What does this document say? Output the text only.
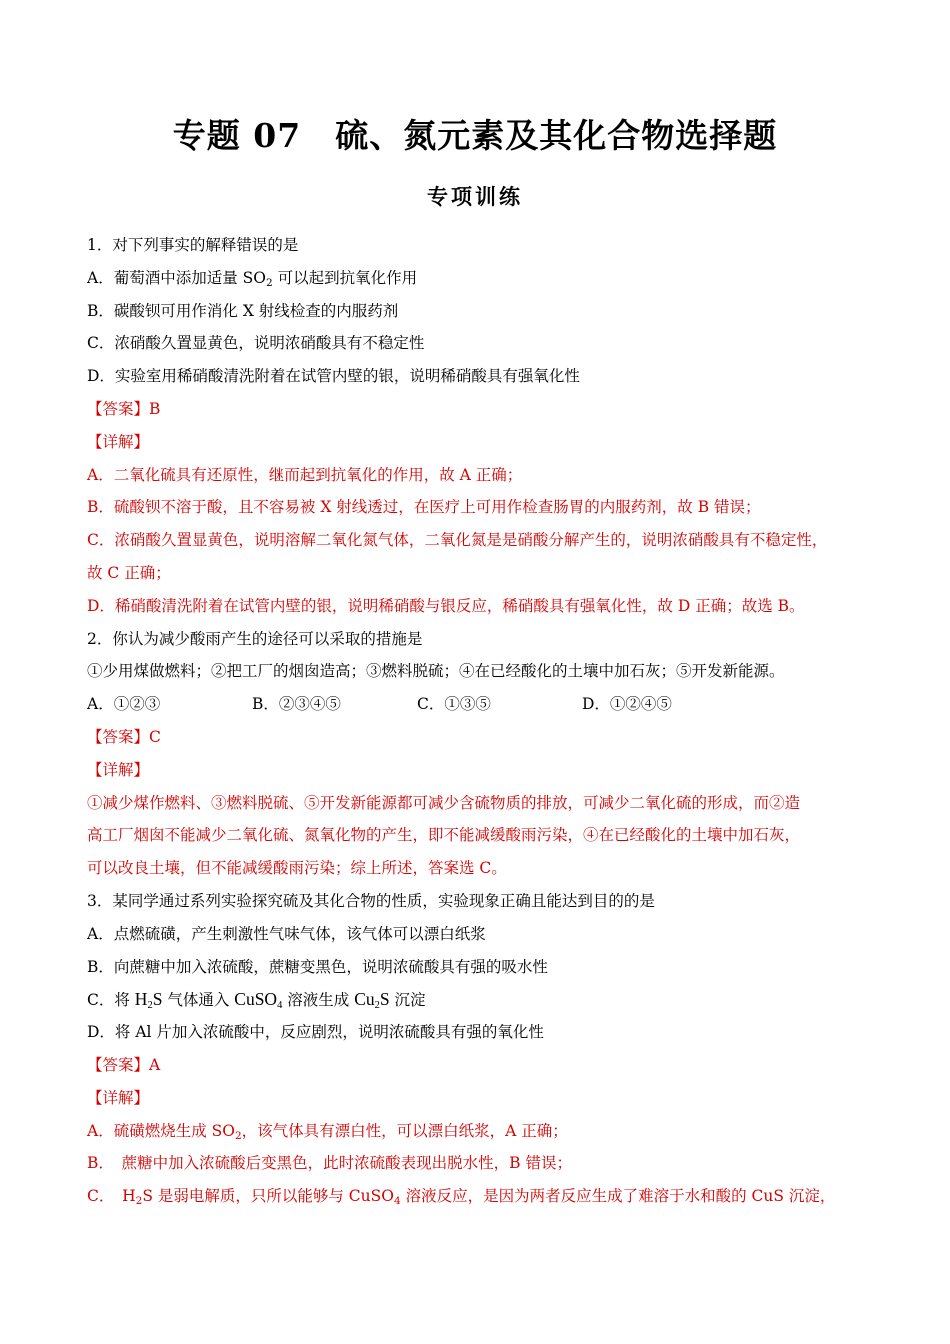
专题 07　硫、氮元素及其化合物选择题
专项训练
1．对下列事实的解释错误的是
A．葡萄酒中添加适量 $SO_2$ 可以起到抗氧化作用
B．碳酸钡可用作消化 X 射线检查的内服药剂
C．浓硝酸久置显黄色，说明浓硝酸具有不稳定性
D．实验室用稀硝酸清洗附着在试管内壁的银，说明稀硝酸具有强氧化性
【答案】B
【详解】
A．二氧化硫具有还原性，继而起到抗氧化的作用，故 A 正确；
B．硫酸钡不溶于酸，且不容易被 X 射线透过，在医疗上可用作检查肠胃的内服药剂，故 B 错误；
C．浓硝酸久置显黄色，说明溶解二氧化氮气体，二氧化氮是是硝酸分解产生的，说明浓硝酸具有不稳定性，
故 C 正确；
D．稀硝酸清洗附着在试管内壁的银，说明稀硝酸与银反应，稀硝酸具有强氧化性，故 D 正确；故选 B。
2．你认为减少酸雨产生的途径可以采取的措施是
①少用煤做燃料；②把工厂的烟囱造高；③燃料脱硫；④在已经酸化的土壤中加石灰；⑤开发新能源。
A．①②③	B．②③④⑤	C．①③⑤	D．①②④⑤
【答案】C
【详解】
①减少煤作燃料、③燃料脱硫、⑤开发新能源都可减少含硫物质的排放，可减少二氧化硫的形成，而②造
高工厂烟囱不能减少二氧化硫、氮氧化物的产生，即不能减缓酸雨污染，④在已经酸化的土壤中加石灰，
可以改良土壤，但不能减缓酸雨污染；综上所述，答案选 C。
3．某同学通过系列实验探究硫及其化合物的性质，实验现象正确且能达到目的的是
A．点燃硫磺，产生刺激性气味气体，该气体可以漂白纸浆
B．向蔗糖中加入浓硫酸，蔗糖变黑色，说明浓硫酸具有强的吸水性
C．将 $H_2S$ 气体通入 CuSO$_4$ 溶液生成 $Cu_2S$ 沉淀
D．将 Al 片加入浓硫酸中，反应剧烈，说明浓硫酸具有强的氧化性
【答案】A
【详解】
A．硫磺燃烧生成 $SO_2$，该气体具有漂白性，可以漂白纸浆，A 正确；
B．　蔗糖中加入浓硫酸后变黑色，此时浓硫酸表现出脱水性，B 错误；
C．　$H_2S$ 是弱电解质，只所以能够与 CuSO$_4$ 溶液反应，是因为两者反应生成了难溶于水和酸的 CuS 沉淀，
